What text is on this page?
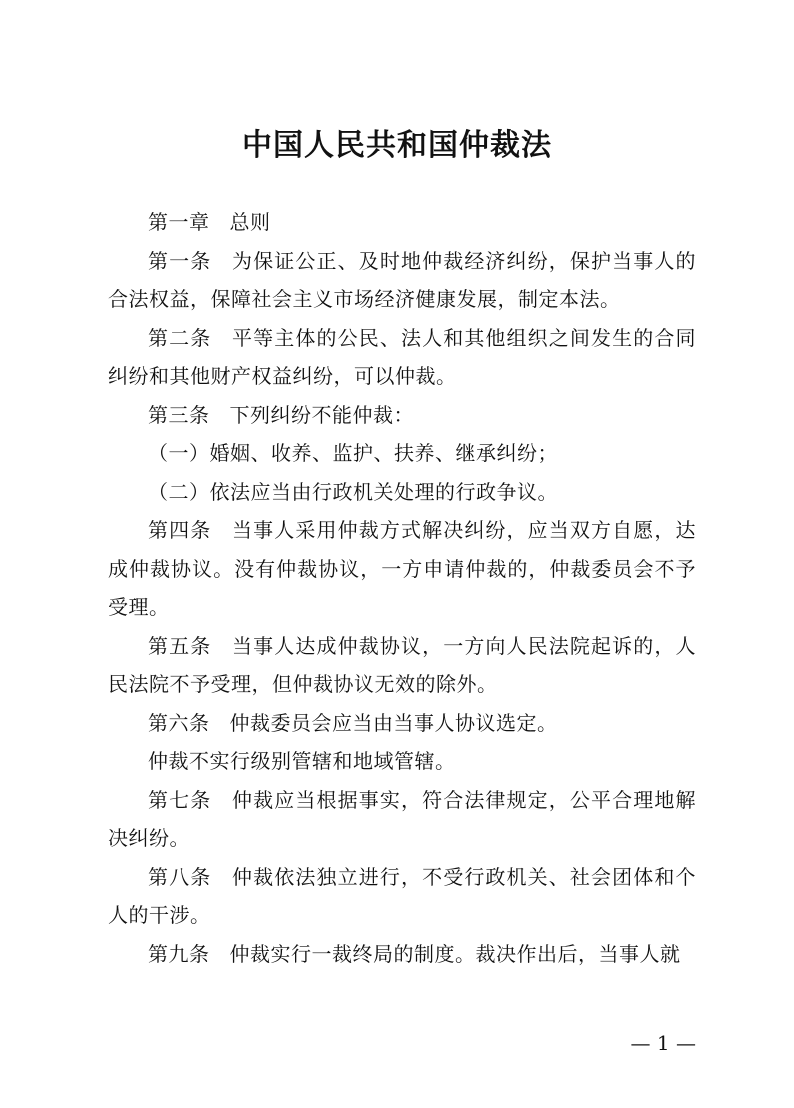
中国人民共和国仲裁法

第一章 总则

第一条 为保证公正、及时地仲裁经济纠纷，保护当事人的合法权益，保障社会主义市场经济健康发展，制定本法。

第二条 平等主体的公民、法人和其他组织之间发生的合同纠纷和其他财产权益纠纷，可以仲裁。

第三条 下列纠纷不能仲裁：

（一）婚姻、收养、监护、扶养、继承纠纷；

（二）依法应当由行政机关处理的行政争议。

第四条 当事人采用仲裁方式解决纠纷，应当双方自愿，达成仲裁协议。没有仲裁协议，一方申请仲裁的，仲裁委员会不予受理。

第五条 当事人达成仲裁协议，一方向人民法院起诉的，人民法院不予受理，但仲裁协议无效的除外。

第六条 仲裁委员会应当由当事人协议选定。

仲裁不实行级别管辖和地域管辖。

第七条 仲裁应当根据事实，符合法律规定，公平合理地解决纠纷。

第八条 仲裁依法独立进行，不受行政机关、社会团体和个人的干涉。

第九条 仲裁实行一裁终局的制度。裁决作出后，当事人就

— 1 —
